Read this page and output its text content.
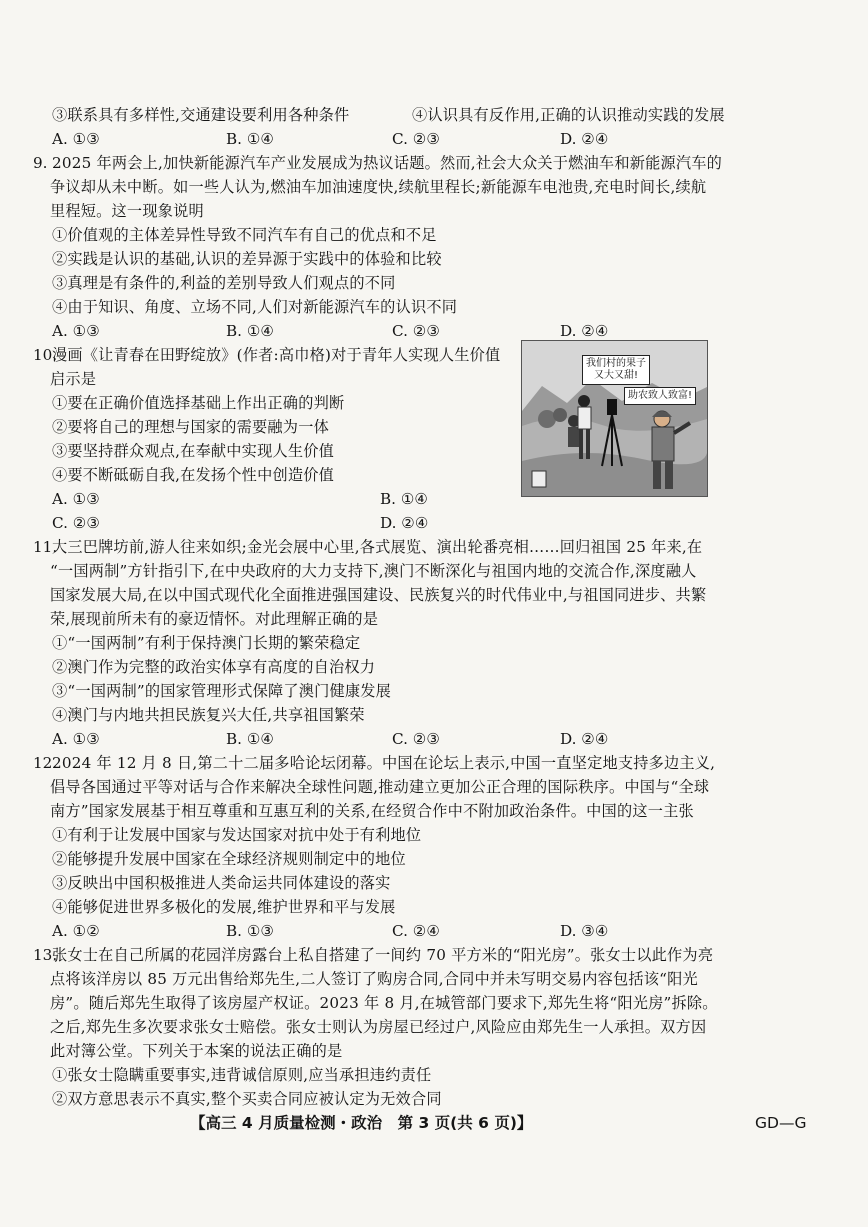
③联系具有多样性,交通建设要利用各种条件	④认识具有反作用,正确的认识推动实践的发展
A. ①③	B. ①④	C. ②③	D. ②④
9. 2025 年两会上,加快新能源汽车产业发展成为热议话题。然而,社会大众关于燃油车和新能源汽车的
争议却从未中断。如一些人认为,燃油车加油速度快,续航里程长;新能源车电池贵,充电时间长,续航
里程短。这一现象说明
①价值观的主体差异性导致不同汽车有自己的优点和不足
②实践是认识的基础,认识的差异源于实践中的体验和比较
③真理是有条件的,利益的差别导致人们观点的不同
④由于知识、角度、立场不同,人们对新能源汽车的认识不同
A. ①③	B. ①④	C. ②③	D. ②④
10.
漫画《让青春在田野绽放》(作者:高巾格)对于青年人实现人生价值
启示是
①要在正确价值选择基础上作出正确的判断
②要将自己的理想与国家的需要融为一体
③要坚持群众观点,在奉献中实现人生价值
④要不断砥砺自我,在发扬个性中创造价值
A. ①③	B. ①④
C. ②③	D. ②④
我们村的果子
又大又甜!
助农致人致富!
11.
大三巴牌坊前,游人往来如织;金光会展中心里,各式展览、演出轮番亮相……回归祖国 25 年来,在
“一国两制”方针指引下,在中央政府的大力支持下,澳门不断深化与祖国内地的交流合作,深度融人
国家发展大局,在以中国式现代化全面推进强国建设、民族复兴的时代伟业中,与祖国同进步、共繁
荣,展现前所未有的豪迈情怀。对此理解正确的是
①“一国两制”有利于保持澳门长期的繁荣稳定
②澳门作为完整的政治实体享有高度的自治权力
③“一国两制”的国家管理形式保障了澳门健康发展
④澳门与内地共担民族复兴大任,共享祖国繁荣
A. ①③	B. ①④	C. ②③	D. ②④
12.
2024 年 12 月 8 日,第二十二届多哈论坛闭幕。中国在论坛上表示,中国一直坚定地支持多边主义,
倡导各国通过平等对话与合作来解决全球性问题,推动建立更加公正合理的国际秩序。中国与“全球
南方”国家发展基于相互尊重和互惠互利的关系,在经贸合作中不附加政治条件。中国的这一主张
①有利于让发展中国家与发达国家对抗中处于有利地位
②能够提升发展中国家在全球经济规则制定中的地位
③反映出中国积极推进人类命运共同体建设的落实
④能够促进世界多极化的发展,维护世界和平与发展
A. ①②	B. ①③	C. ②④	D. ③④
13.
张女士在自己所属的花园洋房露台上私自搭建了一间约 70 平方米的“阳光房”。张女士以此作为亮
点将该洋房以 85 万元出售给郑先生,二人签订了购房合同,合同中并未写明交易内容包括该“阳光
房”。随后郑先生取得了该房屋产权证。2023 年 8 月,在城管部门要求下,郑先生将“阳光房”拆除。
之后,郑先生多次要求张女士赔偿。张女士则认为房屋已经过户,风险应由郑先生一人承担。双方因
此对簿公堂。下列关于本案的说法正确的是
①张女士隐瞒重要事实,违背诚信原则,应当承担违约责任
②双方意思表示不真实,整个买卖合同应被认定为无效合同
【高三 4 月质量检测・政治　第 3 页(共 6 页)】	GD—G
